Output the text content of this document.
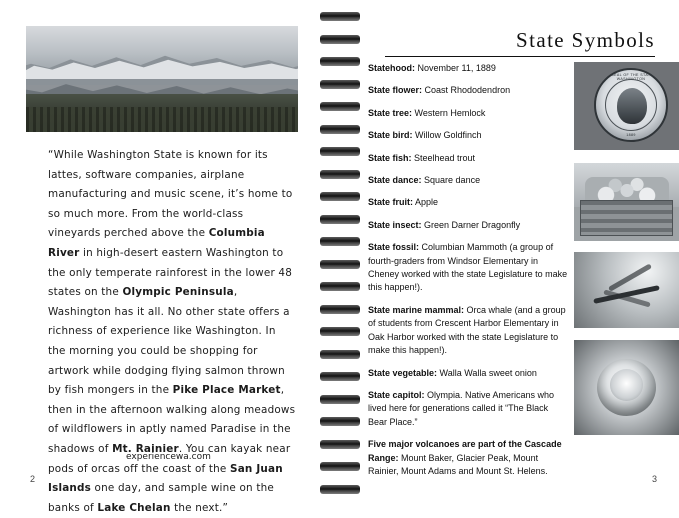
“While Washington State is known for its lattes, software companies, airplane manufacturing and music scene, it’s home to so much more. From the world-class vineyards perched above the Columbia River in high-desert eastern Washington to the only temperate rainforest in the lower 48 states on the Olympic Peninsula, Washington has it all. No other state offers a richness of experience like Washington. In the morning you could be shopping for artwork while dodging flying salmon thrown by fish mongers in the Pike Place Market, then in the afternoon walking along meadows of wildflowers in aptly named Paradise in the shadows of Mt. Rainier. You can kayak near pods of orcas off the coast of the San Juan Islands one day, and sample wine on the banks of Lake Chelan the next.”
experiencewa.com
2
State Symbols
Statehood: November 11, 1889
State flower: Coast Rhododendron
State tree: Western Hemlock
State bird: Willow Goldfinch
State fish: Steelhead trout
State dance: Square dance
State fruit: Apple
State insect: Green Darner Dragonfly
State fossil: Columbian Mammoth (a group of fourth-graders from Windsor Elementary in Cheney worked with the state Legislature to make this happen!).
State marine mammal: Orca whale (and a group of students from Crescent Harbor Elementary in Oak Harbor worked with the state Legislature to make this happen!).
State vegetable: Walla Walla sweet onion
State capitol: Olympia. Native Americans who lived here for generations called it “The Black Bear Place.”
Five major volcanoes are part of the Cascade Range: Mount Baker, Glacier Peak, Mount Rainier, Mount Adams and Mount St. Helens.
THE SEAL OF THE STATE OF WASHINGTON
1889
3
